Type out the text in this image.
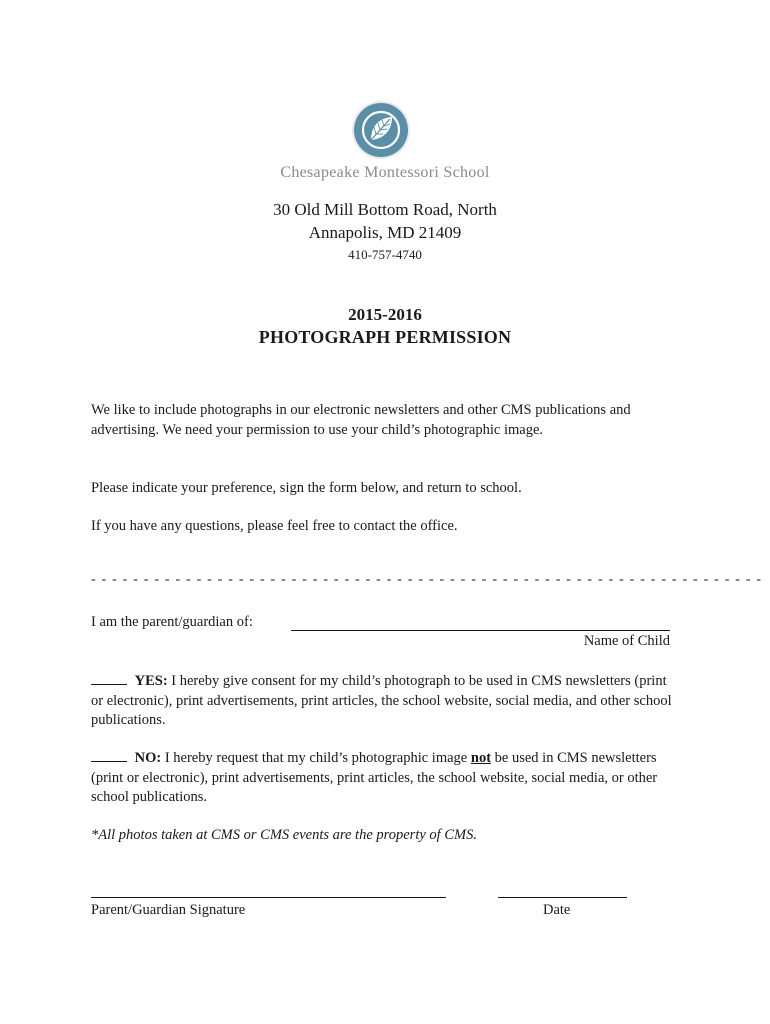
Chesapeake Montessori School
30 Old Mill Bottom Road, North
Annapolis, MD 21409
410-757-4740
2015-2016
PHOTOGRAPH PERMISSION

We like to include photographs in our electronic newsletters and other CMS publications and advertising. We need your permission to use your child’s photographic image.

Please indicate your preference, sign the form below, and return to school.

If you have any questions, please feel free to contact the office.

- - - - - - - - - - - - - - - - - - - - - - - - - - - - - - - - - - - - - - - - - - - - - - - - - - - - - - - - - - - - - - - -
I am the parent/guardian of:
Name of Child

YES: I hereby give consent for my child’s photograph to be used in CMS newsletters (print or electronic), print advertisements, print articles, the school website, social media, and other school publications.

NO: I hereby request that my child’s photographic image not be used in CMS newsletters (print or electronic), print advertisements, print articles, the school website, social media, or other school publications.

*All photos taken at CMS or CMS events are the property of CMS.
Parent/Guardian Signature	Date
